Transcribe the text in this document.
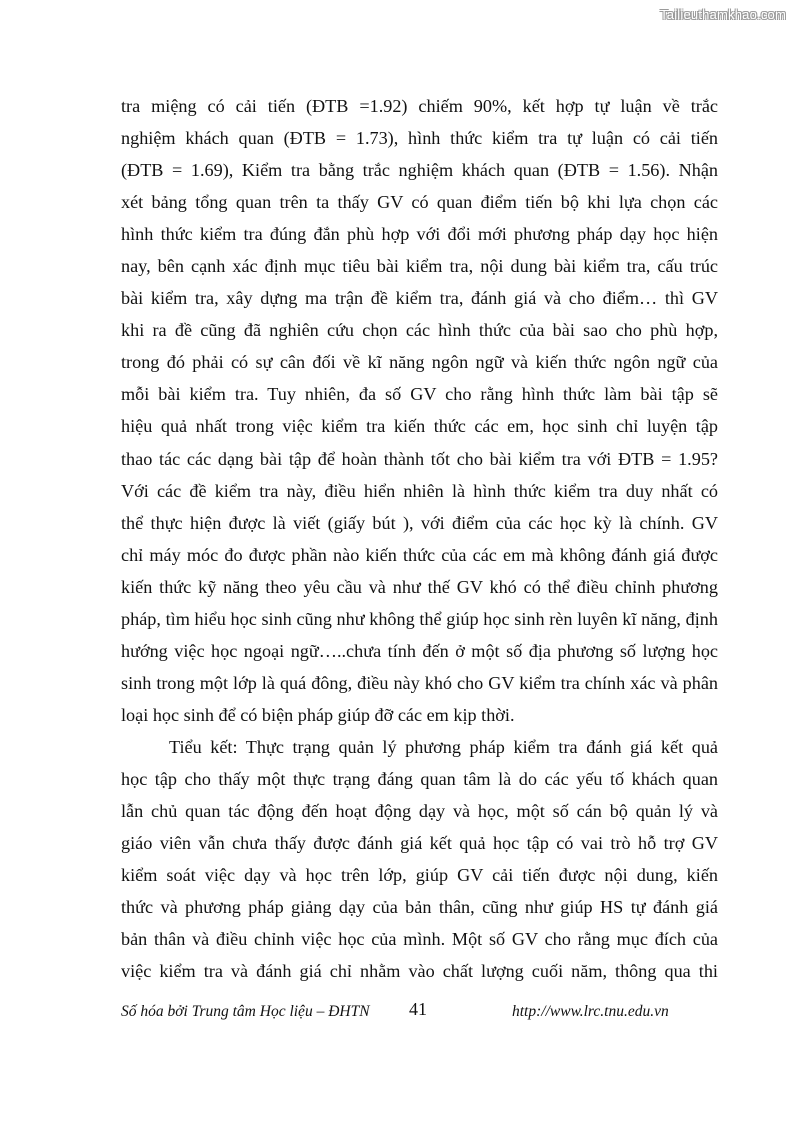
Tailieuthamkhao.com

tra miệng có cải tiến (ĐTB =1.92) chiếm 90%, kết hợp tự luận về trắc
nghiệm khách quan (ĐTB = 1.73), hình thức kiểm tra tự luận có cải tiến
(ĐTB = 1.69), Kiểm tra bằng trắc nghiệm khách quan (ĐTB = 1.56). Nhận
xét bảng tổng quan trên ta thấy GV có quan điểm tiến bộ khi lựa chọn các
hình thức kiểm tra đúng đắn phù hợp với đổi mới phương pháp dạy học hiện
nay, bên cạnh xác định mục tiêu bài kiểm tra, nội dung bài kiểm tra, cấu trúc
bài kiểm tra, xây dựng ma trận đề kiểm tra, đánh giá và cho điểm… thì GV
khi ra đề cũng đã nghiên cứu chọn các hình thức của bài sao cho phù hợp,
trong đó phải có sự cân đối về kĩ năng ngôn ngữ và kiến thức ngôn ngữ của
mỗi bài kiểm tra. Tuy nhiên, đa số GV cho rằng hình thức làm bài tập sẽ
hiệu quả nhất trong việc kiểm tra kiến thức các em, học sinh chỉ luyện tập
thao tác các dạng bài tập để hoàn thành tốt cho bài kiểm tra với ĐTB = 1.95?
Với các đề kiểm tra này, điều hiển nhiên là hình thức kiểm tra duy nhất có
thể thực hiện được là viết (giấy bút ), với điểm của các học kỳ là chính. GV
chỉ máy móc đo được phần nào kiến thức của các em mà không đánh giá được
kiến thức kỹ năng theo yêu cầu và như thế GV khó có thể điều chỉnh phương
pháp, tìm hiểu học sinh cũng như không thể giúp học sinh rèn luyên kĩ năng, định
hướng việc học ngoại ngữ…..chưa tính đến ở một số địa phương số lượng học
sinh trong một lớp là quá đông, điều này khó cho GV kiểm tra chính xác và phân
loại học sinh để có biện pháp giúp đỡ các em kịp thời.

Tiểu kết: Thực trạng quản lý phương pháp kiểm tra đánh giá kết quả
học tập cho thấy một thực trạng đáng quan tâm là do các yếu tố khách quan
lẫn chủ quan tác động đến hoạt động dạy và học, một số cán bộ quản lý và
giáo viên vẫn chưa thấy được đánh giá kết quả học tập có vai trò hỗ trợ GV
kiểm soát việc dạy và học trên lớp, giúp GV cải tiến được nội dung, kiến
thức và phương pháp giảng dạy của bản thân, cũng như giúp HS tự đánh giá
bản thân và điều chỉnh việc học của mình. Một số GV cho rằng mục đích của
việc kiểm tra và đánh giá chỉ nhằm vào chất lượng cuối năm, thông qua thi

Số hóa bởi Trung tâm Học liệu – ĐHTN 41	http://www.lrc.tnu.edu.vn
